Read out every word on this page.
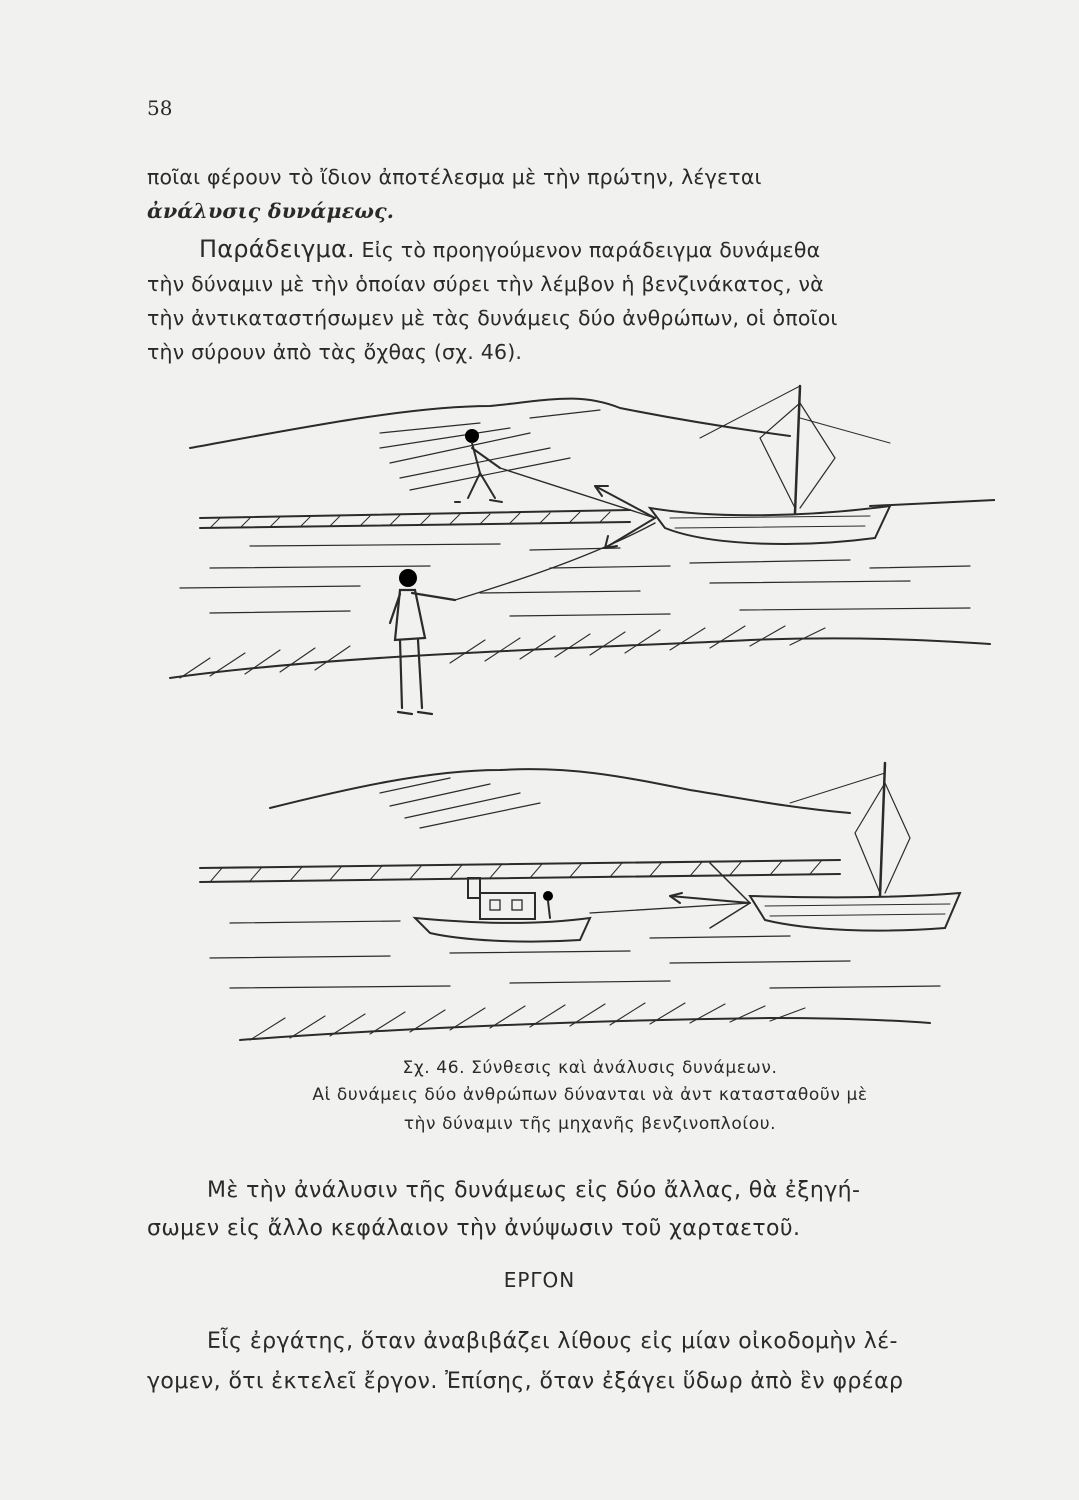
58
ποῖαι φέρουν τὸ ἴδιον ἀποτέλεσμα μὲ τὴν πρώτην, λέγεται
ἀνάλυσις δυνάμεως.
Παράδειγμα. Εἰς τὸ προηγούμενον παράδειγμα δυνάμεθα
τὴν δύναμιν μὲ τὴν ὁποίαν σύρει τὴν λέμβον ἡ βενζινάκατος, νὰ
τὴν ἀντικαταστήσωμεν μὲ τὰς δυνάμεις δύο ἀνθρώπων, οἱ ὁποῖοι
τὴν σύρουν ἀπὸ τὰς ὄχθας (σχ. 46).
Σχ. 46. Σύνθεσις καὶ ἀνάλυσις δυνάμεων.
Αἱ δυνάμεις δύο ἀνθρώπων δύνανται νὰ ἀντ κατασταθοῦν μὲ
τὴν δύναμιν τῆς μηχανῆς βενζινοπλοίου.
Μὲ τὴν ἀνάλυσιν τῆς δυνάμεως εἰς δύο ἄλλας, θὰ ἐξηγή-
σωμεν εἰς ἄλλο κεφάλαιον τὴν ἀνύψωσιν τοῦ χαρταετοῦ.
ΕΡΓΟΝ
Εἷς ἐργάτης, ὅταν ἀναβιβάζει λίθους εἰς μίαν οἰκοδομὴν λέ-
γομεν, ὅτι ἐκτελεῖ ἔργον. Ἐπίσης, ὅταν ἐξάγει ὕδωρ ἀπὸ ἓν φρέαρ
